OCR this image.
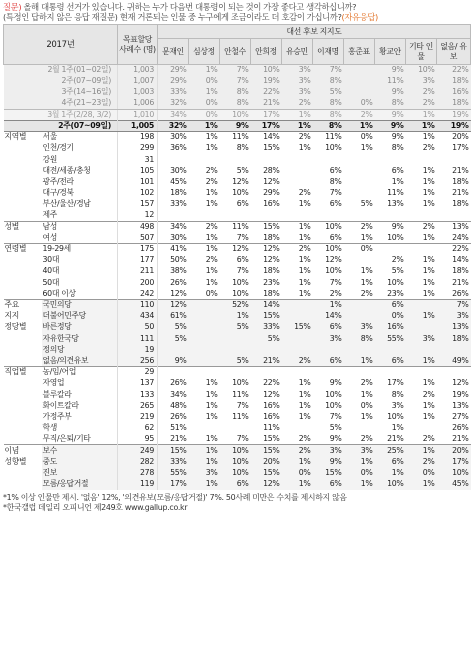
질문) 올해 대통령 선거가 있습니다. 귀하는 누가 다음번 대통령이 되는 것이 가장 좋다고 생각하십니까?
(특정인 답하지 않은 응답 재질문) 현재 거론되는 인물 중 누구에게 조금이라도 더 호감이 가십니까?(자유응답)
2017년		목표할당 사례수 (명)	대선 후보 지지도									
			문재인	심상정	안철수	안희정	유승민	이재명	홍준표	황교안	기타 인물	없음/ 유보
2월 1주(01~02일)		1,003	29%	1%	7%	10%	3%	7%		9%	10%	22%
2주(07~09일)		1,007	29%	0%	7%	19%	3%	8%		11%	3%	18%
3주(14~16일)		1,003	33%	1%	8%	22%	3%	5%		9%	2%	16%
4주(21~23일)		1,006	32%	0%	8%	21%	2%	8%	0%	8%	2%	18%
3월 1주(2/28, 3/2)		1,010	34%	0%	10%	17%	1%	8%	2%	9%	1%	19%
2주(07~09일)		1,005	32%	1%	9%	17%	1%	8%	1%	9%	1%	19%
지역별	서울	198	30%	1%	11%	14%	2%	11%	0%	9%	1%	20%
	인천/경기	299	36%	1%	8%	15%	1%	10%	1%	8%	2%	17%
	강원	31										
	대전/세종/충청	105	30%	2%	5%	28%		6%		6%	1%	21%
	광주/전라	101	45%	2%	12%	12%		8%		1%	1%	18%
	대구/경북	102	18%	1%	10%	29%	2%	7%		11%	1%	21%
	부산/울산/경남	157	33%	1%	6%	16%	1%	6%	5%	13%	1%	18%
	제주	12										
성별	남성	498	34%	2%	11%	15%	1%	10%	2%	9%	2%	13%
	여성	507	30%	1%	7%	18%	1%	6%	1%	10%	1%	24%
연령별	19-29세	175	41%	1%	12%	12%	2%	10%	0%			22%
	30대	177	50%	2%	6%	12%	1%	12%		2%	1%	14%
	40대	211	38%	1%	7%	18%	1%	10%	1%	5%	1%	18%
	50대	200	26%	1%	10%	23%	1%	7%	1%	10%	1%	21%
	60대 이상	242	12%	0%	10%	18%	1%	2%	2%	23%	1%	26%
주요	국민의당	110	12%		52%	14%		1%		6%		7%
지지	더불어민주당	434	61%		1%	15%		14%		0%	1%	3%
정당별	바른정당	50	5%		5%	33%	15%	6%	3%	16%		13%
	자유한국당	111	5%			5%		3%	8%	55%	3%	18%
	정의당	19										
	없음/의견유보	256	9%		5%	21%	2%	6%	1%	6%	1%	49%
직업별	농/임/어업	29										
	자영업	137	26%	1%	10%	22%	1%	9%	2%	17%	1%	12%
	블루칼라	133	34%	1%	11%	12%	1%	10%	1%	8%	2%	19%
	화이트칼라	265	48%	1%	7%	16%	1%	10%	0%	3%	1%	13%
	가정주부	219	26%	1%	11%	16%	1%	7%	1%	10%	1%	27%
	학생	62	51%			11%		5%		1%		26%
	무직/은퇴/기타	95	21%	1%	7%	15%	2%	9%	2%	21%	2%	21%
이념	보수	249	15%	1%	10%	15%	2%	3%	3%	25%	1%	20%
성향별	중도	282	33%	1%	10%	20%	1%	9%	1%	6%	2%	17%
	진보	278	55%	3%	10%	15%	0%	15%	0%	1%	0%	10%
	모름/응답거절	119	17%	1%	6%	12%	1%	6%	1%	10%	1%	45%
*1% 이상 인물만 제시. '없음' 12%, '의견유보(모름/응답거절)' 7%. 50사례 미만은 수치를 제시하지 않음
*한국갤럽 데일리 오피니언 제249호 www.gallup.co.kr
